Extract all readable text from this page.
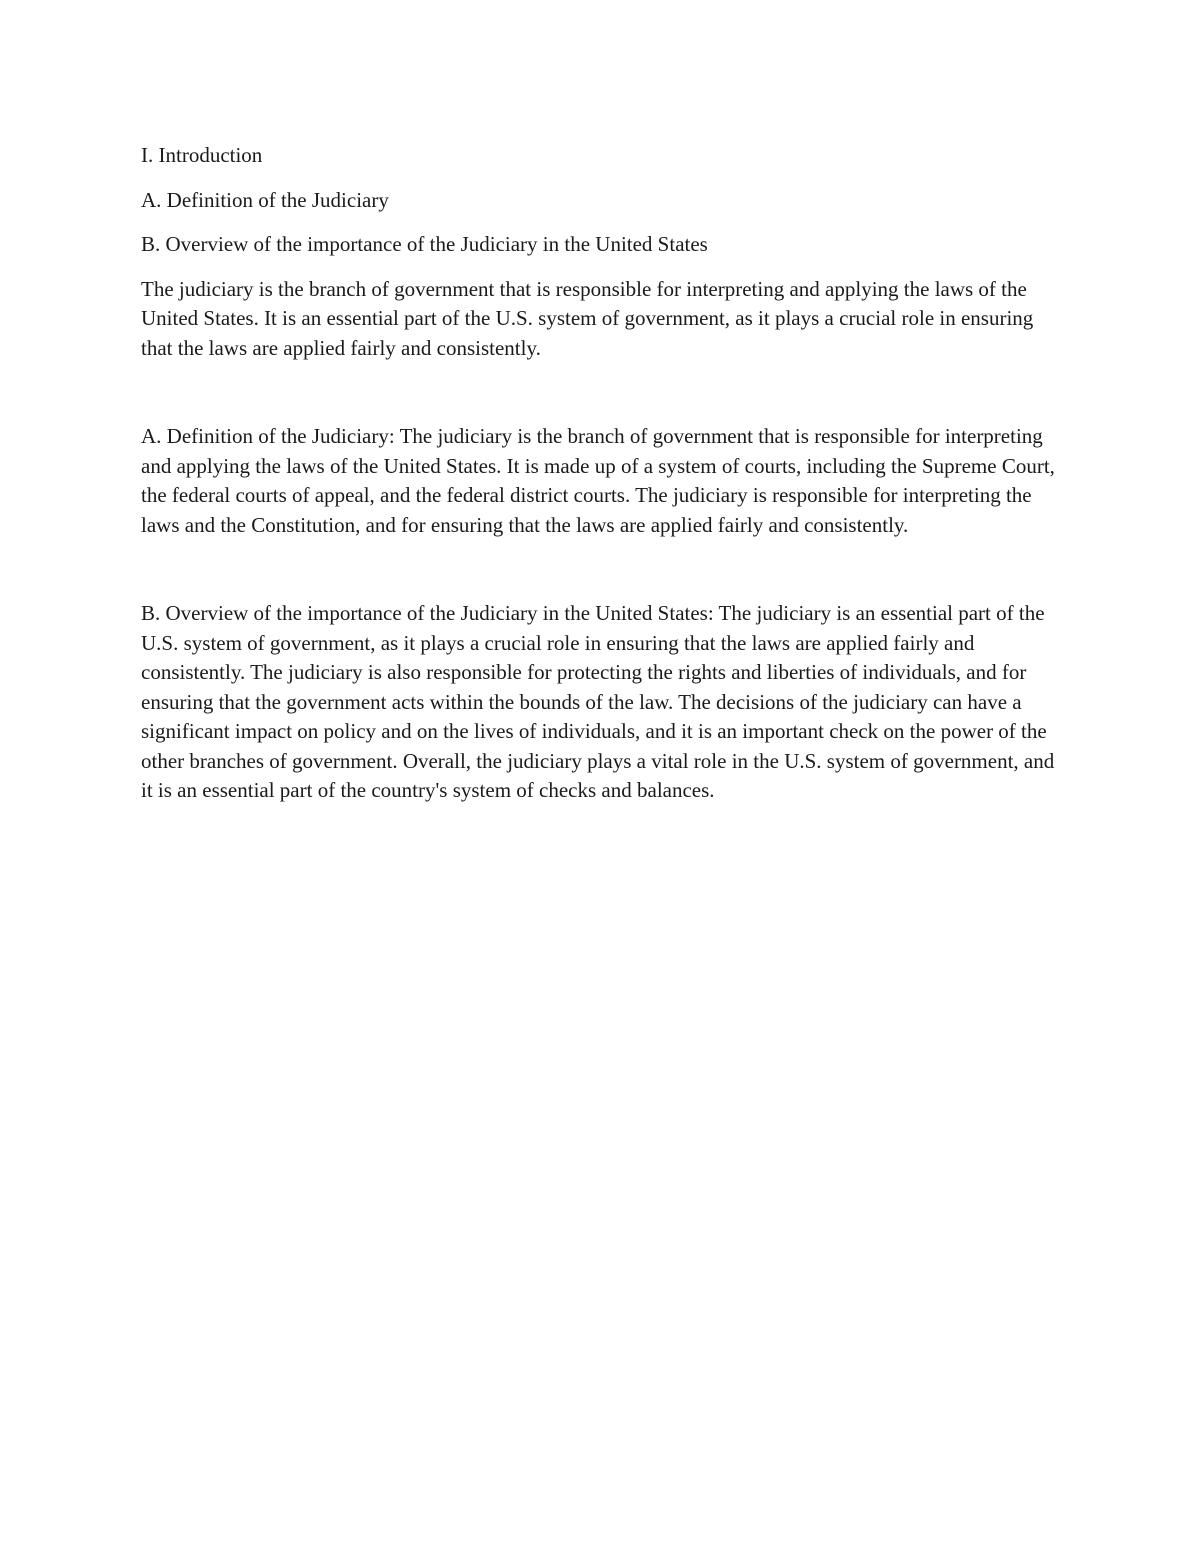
I. Introduction

A. Definition of the Judiciary

B. Overview of the importance of the Judiciary in the United States

The judiciary is the branch of government that is responsible for interpreting and applying the laws of the United States. It is an essential part of the U.S. system of government, as it plays a crucial role in ensuring that the laws are applied fairly and consistently.

A. Definition of the Judiciary: The judiciary is the branch of government that is responsible for interpreting and applying the laws of the United States. It is made up of a system of courts, including the Supreme Court, the federal courts of appeal, and the federal district courts. The judiciary is responsible for interpreting the laws and the Constitution, and for ensuring that the laws are applied fairly and consistently.

B. Overview of the importance of the Judiciary in the United States: The judiciary is an essential part of the U.S. system of government, as it plays a crucial role in ensuring that the laws are applied fairly and consistently. The judiciary is also responsible for protecting the rights and liberties of individuals, and for ensuring that the government acts within the bounds of the law. The decisions of the judiciary can have a significant impact on policy and on the lives of individuals, and it is an important check on the power of the other branches of government. Overall, the judiciary plays a vital role in the U.S. system of government, and it is an essential part of the country's system of checks and balances.
